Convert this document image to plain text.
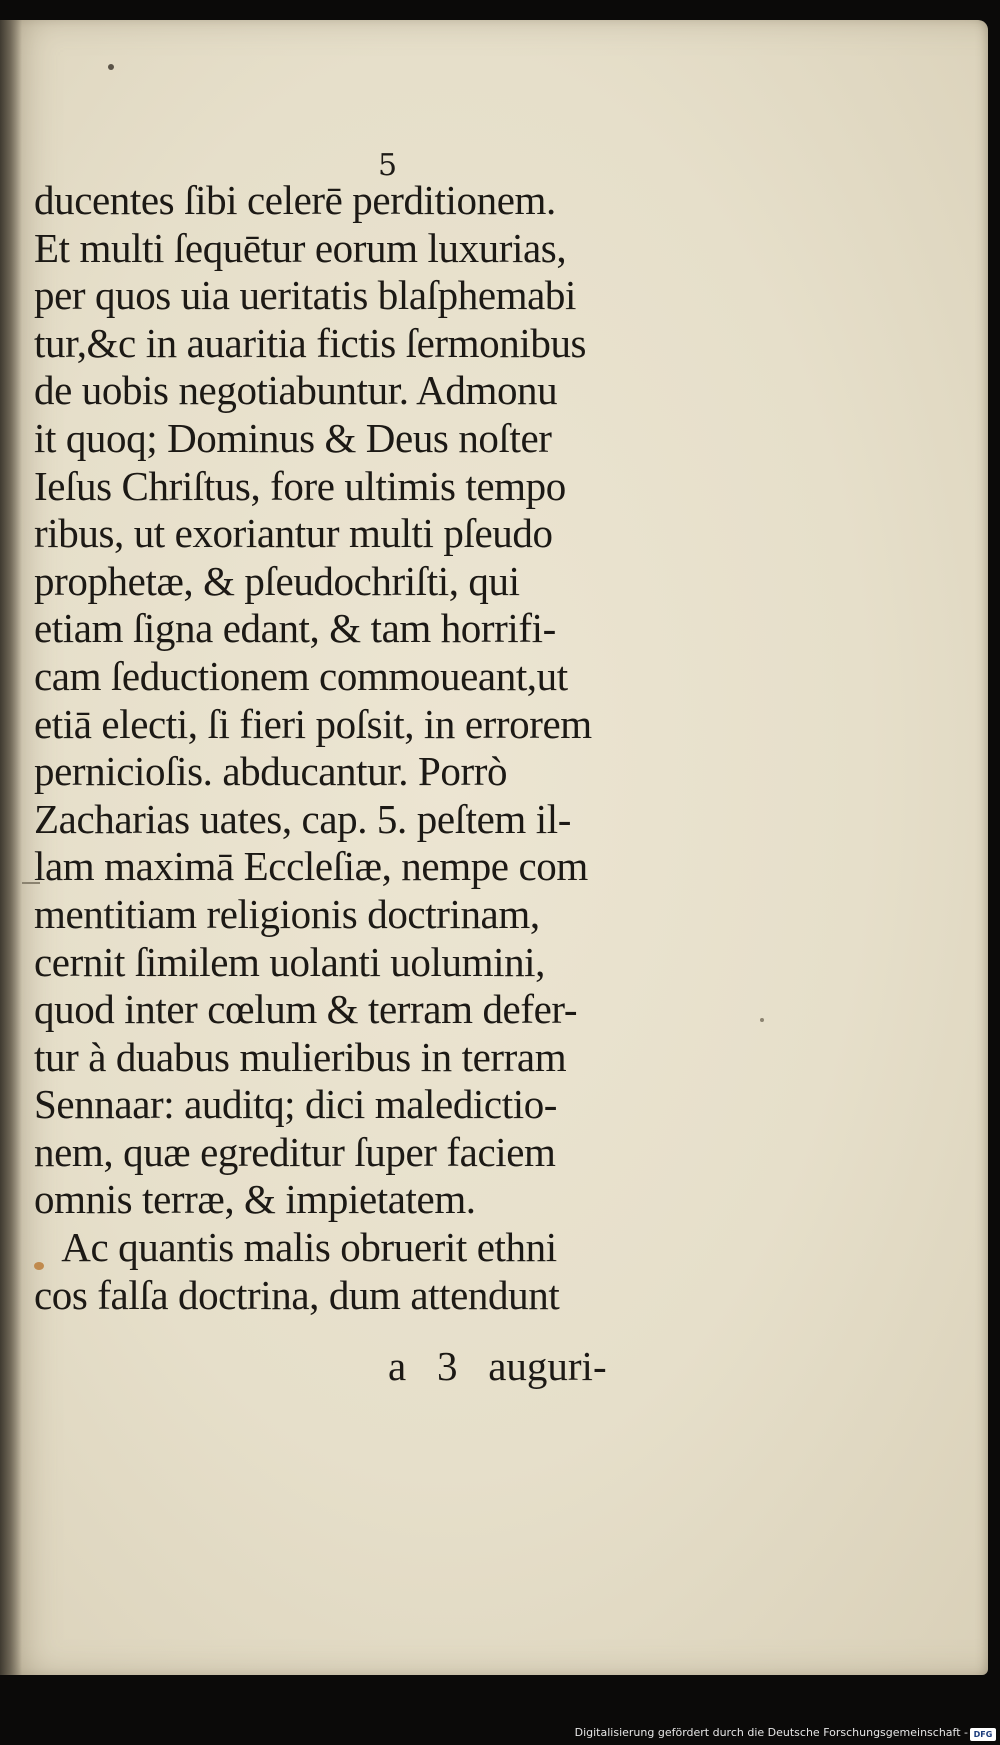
5

ducentes ſibi celerē perditionem.
Et multi ſequētur eorum luxurias,
per quos uia ueritatis blaſphemabi
tur,&c in auaritia fictis ſermonibus
de uobis negotiabuntur. Admonu
it quoq; Dominus & Deus noſter
Ieſus Chriſtus, fore ultimis tempo
ribus, ut exoriantur multi pſeudo
prophetæ, & pſeudochriſti, qui
etiam ſigna edant, & tam horrifi-
cam ſeductionem commoueant,ut
etiā electi, ſi fieri poſsit, in errorem
pernicioſis. abducantur. Porrò
Zacharias uates, cap. 5. peſtem il-
lam maximā Eccleſiæ, nempe com
mentitiam religionis doctrinam,
cernit ſimilem uolanti uolumini,
quod inter cœlum & terram defer-
tur à duabus mulieribus in terram
Sennaar: auditq; dici maledictio-
nem, quæ egreditur ſuper faciem
omnis terræ, & impietatem.
Ac quantis malis obruerit ethni
cos falſa doctrina, dum attendunt

a   3   auguri-

Digitalisierung gefördert durch die Deutsche Forschungsgemeinschaft - DFG
